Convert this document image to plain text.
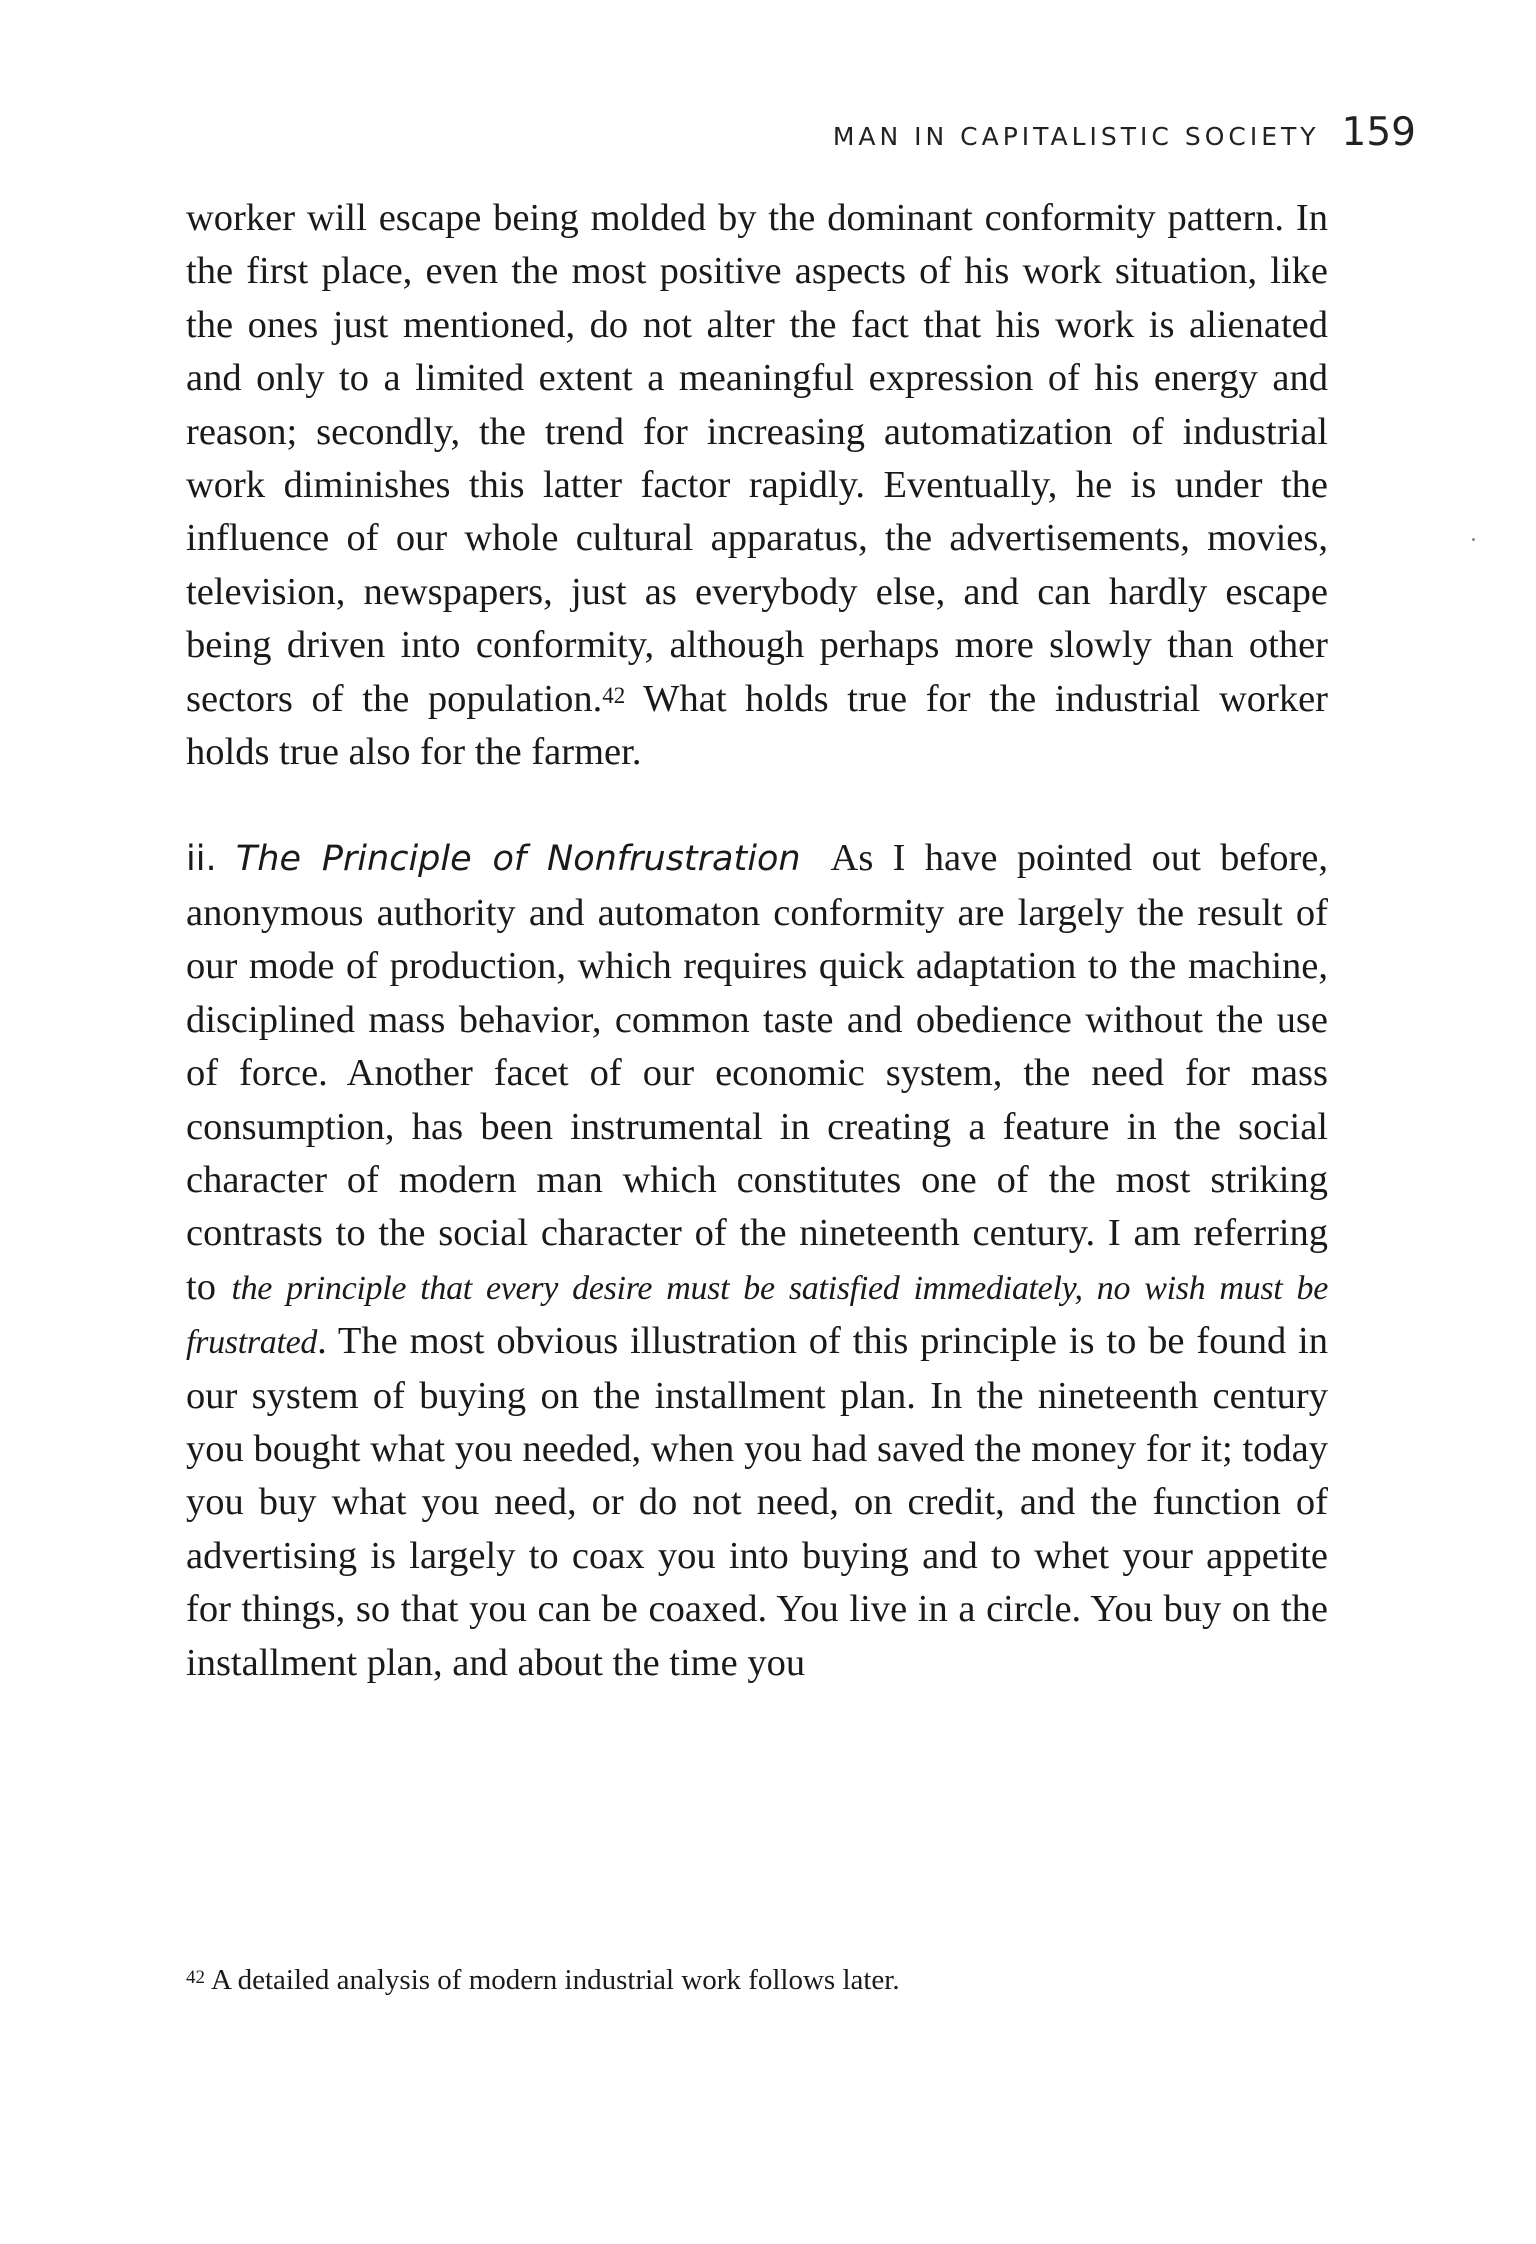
MAN IN CAPITALISTIC SOCIETY 159

worker will escape being molded by the dominant conformity pattern. In the first place, even the most positive aspects of his work situation, like the ones just mentioned, do not alter the fact that his work is alienated and only to a limited extent a meaningful expression of his energy and reason; secondly, the trend for increasing automatization of industrial work diminishes this latter factor rapidly. Eventually, he is under the influence of our whole cultural apparatus, the advertisements, movies, television, newspapers, just as everybody else, and can hardly escape being driven into conformity, although perhaps more slowly than other sectors of the population.$^{42}$ What holds true for the industrial worker holds true also for the farmer.

ii. The Principle of Nonfrustration As I have pointed out before, anonymous authority and automaton conformity are largely the result of our mode of production, which requires quick adaptation to the machine, disciplined mass behavior, common taste and obedience without the use of force. Another facet of our economic system, the need for mass consumption, has been instrumental in creating a feature in the social character of modern man which constitutes one of the most striking contrasts to the social character of the nineteenth century. I am referring to the principle that every desire must be satisfied immediately, no wish must be frustrated. The most obvious illustration of this principle is to be found in our system of buying on the installment plan. In the nineteenth century you bought what you needed, when you had saved the money for it; today you buy what you need, or do not need, on credit, and the function of advertising is largely to coax you into buying and to whet your appetite for things, so that you can be coaxed. You live in a circle. You buy on the installment plan, and about the time you

$^{42}$ A detailed analysis of modern industrial work follows later.
